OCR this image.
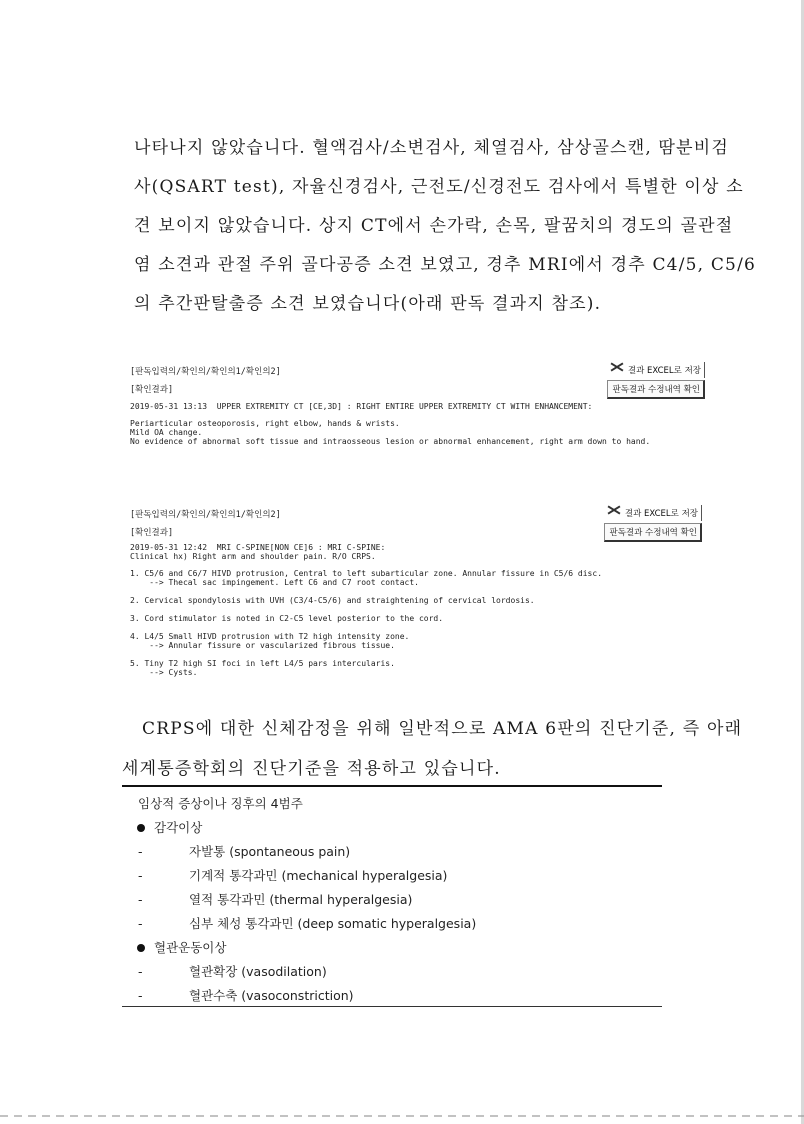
나타나지 않았습니다. 혈액검사/소변검사, 체열검사, 삼상골스캔, 땀분비검
사(QSART test), 자율신경검사, 근전도/신경전도 검사에서 특별한 이상 소
견 보이지 않았습니다. 상지 CT에서 손가락, 손목, 팔꿈치의 경도의 골관절
염 소견과 관절 주위 골다공증 소견 보였고, 경추 MRI에서 경추 C4/5, C5/6
의 추간판탈출증 소견 보였습니다(아래 판독 결과지 참조).
[판독입력의/확인의/확인의1/확인의2]	결과 EXCEL로 저장
[확인결과]	판독결과 수정내역 확인
2019-05-31 13:13  UPPER EXTREMITY CT [CE,3D] : RIGHT ENTIRE UPPER EXTREMITY CT WITH ENHANCEMENT:
Periarticular osteoporosis, right elbow, hands & wrists.
Mild OA change.
No evidence of abnormal soft tissue and intraosseous lesion or abnormal enhancement, right arm down to hand.
[판독입력의/확인의/확인의1/확인의2]	결과 EXCEL로 저장
[확인결과]	판독결과 수정내역 확인
2019-05-31 12:42  MRI C-SPINE[NON CE]6 : MRI C-SPINE:
Clinical hx) Right arm and shoulder pain. R/O CRPS.
1. C5/6 and C6/7 HIVD protrusion, Central to left subarticular zone. Annular fissure in C5/6 disc.
--> Thecal sac impingement. Left C6 and C7 root contact.
2. Cervical spondylosis with UVH (C3/4-C5/6) and straightening of cervical lordosis.
3. Cord stimulator is noted in C2-C5 level posterior to the cord.
4. L4/5 Small HIVD protrusion with T2 high intensity zone.
--> Annular fissure or vascularized fibrous tissue.
5. Tiny T2 high SI foci in left L4/5 pars intercularis.
--> Cysts.
CRPS에 대한 신체감정을 위해 일반적으로 AMA 6판의 진단기준, 즉 아래
세계통증학회의 진단기준을 적용하고 있습니다.
임상적 증상이나 징후의 4범주
감각이상
-	자발통 (spontaneous pain)
-	기계적 통각과민 (mechanical hyperalgesia)
-	열적 통각과민 (thermal hyperalgesia)
-	심부 체성 통각과민 (deep somatic hyperalgesia)
혈관운동이상
-	혈관확장 (vasodilation)
-	혈관수축 (vasoconstriction)
